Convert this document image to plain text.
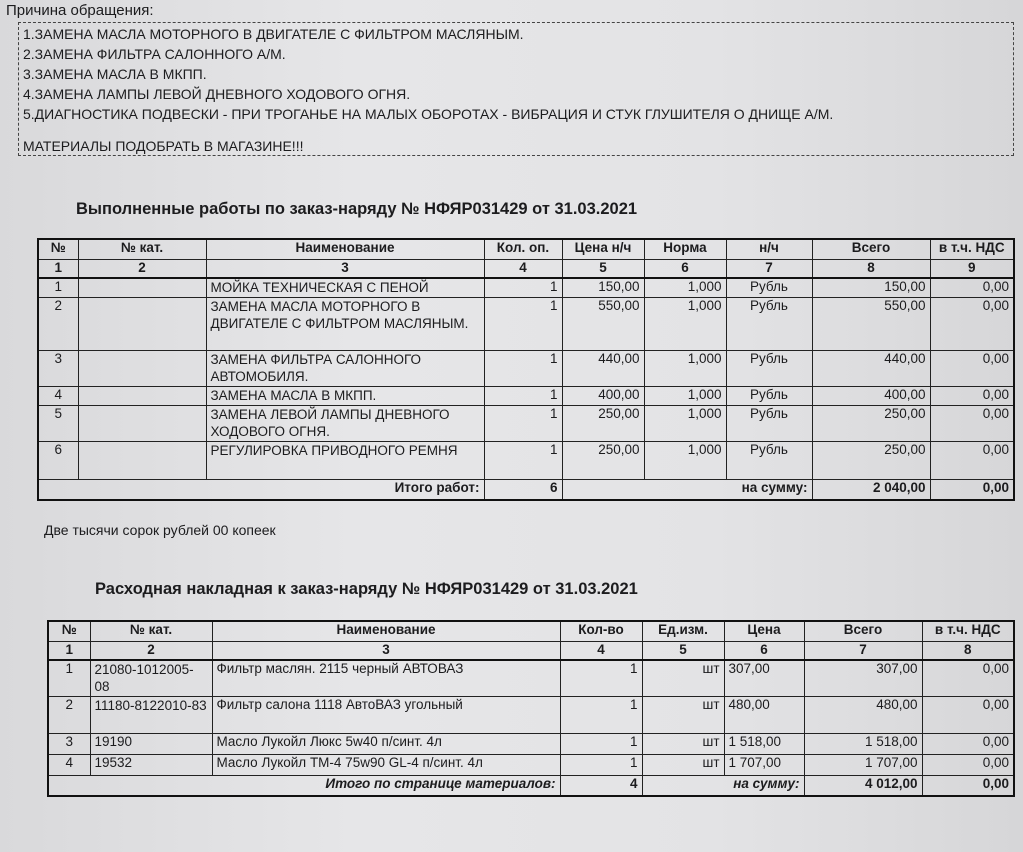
Причина обращения:
1.ЗАМЕНА МАСЛА МОТОРНОГО В ДВИГАТЕЛЕ С ФИЛЬТРОМ МАСЛЯНЫМ.
2.ЗАМЕНА ФИЛЬТРА САЛОННОГО А/М.
3.ЗАМЕНА МАСЛА В МКПП.
4.ЗАМЕНА ЛАМПЫ ЛЕВОЙ ДНЕВНОГО ХОДОВОГО ОГНЯ.
5.ДИАГНОСТИКА ПОДВЕСКИ - ПРИ ТРОГАНЬЕ НА МАЛЫХ ОБОРОТАХ - ВИБРАЦИЯ И СТУК ГЛУШИТЕЛЯ О ДНИЩЕ А/М.
МАТЕРИАЛЫ ПОДОБРАТЬ В МАГАЗИНЕ!!!
Выполненные работы по заказ-наряду № НФЯР031429 от 31.03.2021
№	№ кат.	Наименование	Кол. оп.	Цена н/ч	Норма	н/ч	Всего	в т.ч. НДС
1	2	3	4	5	6	7	8	9
1		МОЙКА ТЕХНИЧЕСКАЯ С ПЕНОЙ	1	150,00	1,000	Рубль	150,00	0,00
2		ЗАМЕНА МАСЛА МОТОРНОГО В ДВИГАТЕЛЕ С ФИЛЬТРОМ МАСЛЯНЫМ.	1	550,00	1,000	Рубль	550,00	0,00
3		ЗАМЕНА ФИЛЬТРА САЛОННОГО АВТОМОБИЛЯ.	1	440,00	1,000	Рубль	440,00	0,00
4		ЗАМЕНА МАСЛА В МКПП.	1	400,00	1,000	Рубль	400,00	0,00
5		ЗАМЕНА ЛЕВОЙ ЛАМПЫ ДНЕВНОГО ХОДОВОГО ОГНЯ.	1	250,00	1,000	Рубль	250,00	0,00
6		РЕГУЛИРОВКА ПРИВОДНОГО РЕМНЯ	1	250,00	1,000	Рубль	250,00	0,00
Итого работ:			6		на сумму:		2 040,00	0,00
Две тысячи сорок рублей 00 копеек
Расходная накладная к заказ-наряду № НФЯР031429 от 31.03.2021
№	№ кат.	Наименование	Кол-во	Ед.изм.	Цена	Всего	в т.ч. НДС
1	2	3	4	5	6	7	8
1	21080-1012005-08	Фильтр маслян. 2115 черный АВТОВАЗ	1	шт	307,00	307,00	0,00
2	11180-8122010-83	Фильтр салона 1118 АвтоВАЗ угольный	1	шт	480,00	480,00	0,00
3	19190	Масло Лукойл Люкс 5w40 п/синт. 4л	1	шт	1 518,00	1 518,00	0,00
4	19532	Масло Лукойл ТМ-4 75w90 GL-4 п/синт. 4л	1	шт	1 707,00	1 707,00	0,00
Итого по странице материалов:			4	на сумму:		4 012,00	0,00
